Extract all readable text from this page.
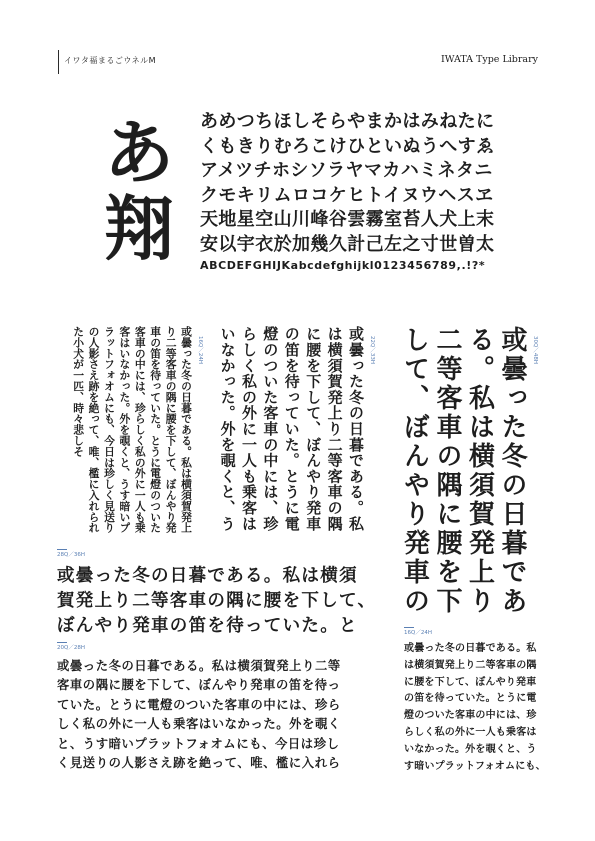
イワタ福まるごウネルM	IWATA Type Library
あ
翔
あめつちほしそらやまかはみねたに
くもきりむろこけひといぬうへすゑ
アメツチホシソラヤマカハミネタニ
クモキリムロコケヒトイヌウヘスヱ
天地星空山川峰谷雲霧室苔人犬上末
安以宇衣於加幾久計己左之寸世曽太
ABCDEFGHIJKabcdefghijkl0123456789,.!?*
30Q／48H
或曇った冬の日暮である。私は横須賀発上り二等客車の隅に腰を下して、ぼんやり発車の
22Q／33H
或曇った冬の日暮である。私は横須賀発上り二等客車の隅に腰を下して、ぼんやり発車の笛を待っていた。とうに電燈のついた客車の中には、珍らしく私の外に一人も乗客はいなかった。外を覗くと、う
16Q／24H
或曇った冬の日暮である。私は横須賀発上り二等客車の隅に腰を下して、ぼんやり発車の笛を待っていた。とうに電燈のついた客車の中には、珍らしく私の外に一人も乗客はいなかった。外を覗くと、うす暗いプラットフォオムにも、今日は珍しく見送りの人影さえ跡を絶って、唯、檻に入れられた小犬が一匹、時々悲しそ
28Q／36H
或曇った冬の日暮である。私は横須
賀発上り二等客車の隅に腰を下して、
ぼんやり発車の笛を待っていた。と
20Q／28H
或曇った冬の日暮である。私は横須賀発上り二等
客車の隅に腰を下して、ぼんやり発車の笛を待っ
ていた。とうに電燈のついた客車の中には、珍ら
しく私の外に一人も乗客はいなかった。外を覗く
と、うす暗いプラットフォオムにも、今日は珍し
く見送りの人影さえ跡を絶って、唯、檻に入れら
16Q／24H
或曇った冬の日暮である。私
は横須賀発上り二等客車の隅
に腰を下して、ぼんやり発車
の笛を待っていた。とうに電
燈のついた客車の中には、珍
らしく私の外に一人も乗客は
いなかった。外を覗くと、う
す暗いプラットフォオムにも、
